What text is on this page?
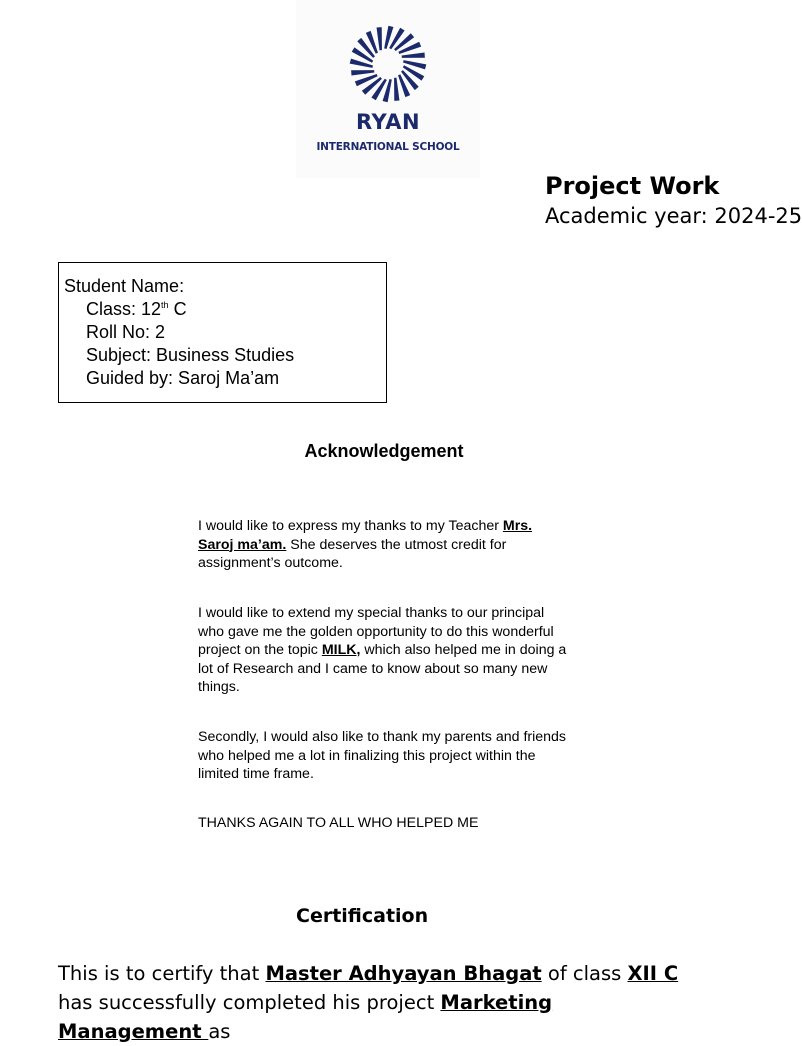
RYAN
INTERNATIONAL SCHOOL
Project Work
Academic year: 2024-25
Student Name:
Class: 12th C
Roll No: 2
Subject: Business Studies
Guided by: Saroj Ma’am
Acknowledgement
I would like to express my thanks to my Teacher Mrs. Saroj ma’am. She deserves the utmost credit for assignment’s outcome.
I would like to extend my special thanks to our principal who gave me the golden opportunity to do this wonderful project on the topic MILK, which also helped me in doing a lot of Research and I came to know about so many new things.
Secondly, I would also like to thank my parents and friends who helped me a lot in finalizing this project within the limited time frame.
THANKS AGAIN TO ALL WHO HELPED ME
Certification
This is to certify that Master Adhyayan Bhagat of class XII C has successfully completed his project Marketing Management as
